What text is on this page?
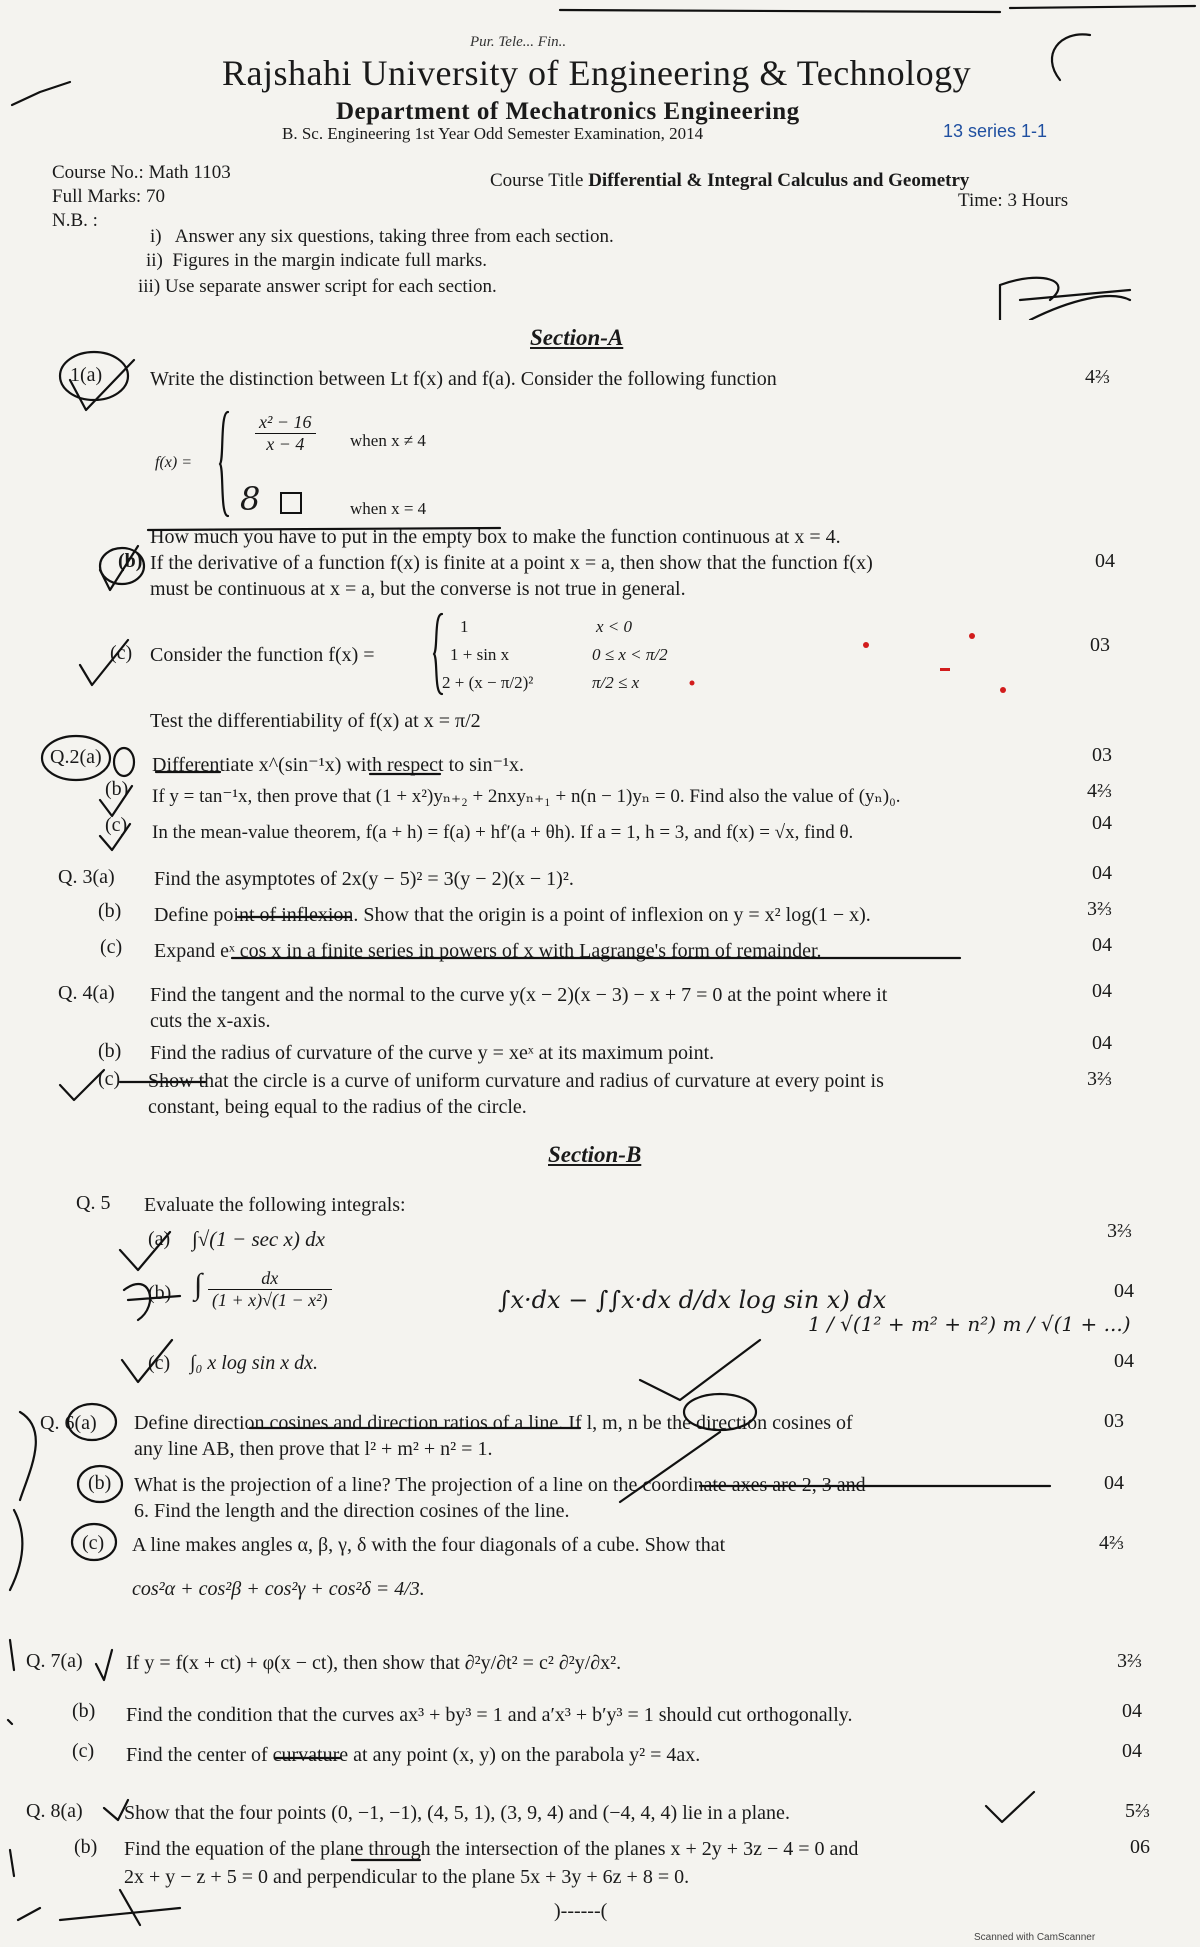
Pur. Tele... Fin..
Rajshahi University of Engineering & Technology
Department of Mechatronics Engineering
B. Sc. Engineering 1st Year Odd Semester Examination, 2014	13 series 1-1
Course No.: Math 1103
Full Marks: 70
N.B. :
Course Title Differential & Integral Calculus and Geometry
Time: 3 Hours
i)   Answer any six questions, taking three from each section.
ii)  Figures in the margin indicate full marks.
iii) Use separate answer script for each section.
Section-A
1(a) Write the distinction between Lt f(x) and f(a). Consider the following function	4⅔
f(x) =
$\frac{\text{x² − 16}}{x - 4}$ when x ≠ 4
8	when x = 4
How much you have to put in the empty box to make the function continuous at x = 4.
(b) If the derivative of a function f(x) is finite at a point x = a, then show that the function f(x)
must be continuous at x = a, but the converse is not true in general.
04
(c) Consider the function f(x) =
1	x < 0
1 + sin x	0 ≤ x < π/2
2 + (x − π/2)²	π/2 ≤ x
Test the differentiability of f(x) at x = π/2
03
Q.2(a)	Differentiate x^(sin⁻¹x) with respect to sin⁻¹x.	03
(b) If y = tan⁻¹x, then prove that (1 + x²)yₙ₊₂ + 2nxyₙ₊₁ + n(n − 1)yₙ = 0. Find also the value of (yₙ)₀.	4⅔
(c) In the mean-value theorem, f(a + h) = f(a) + hf′(a + θh). If a = 1, h = 3, and f(x) = √x, find θ.	04
Q. 3(a) Find the asymptotes of 2x(y − 5)² = 3(y − 2)(x − 1)².	04
(b) Define point of inflexion. Show that the origin is a point of inflexion on y = x² log(1 − x).	3⅔
(c) Expand eˣ cos x in a finite series in powers of x with Lagrange's form of remainder.	04
Q. 4(a) Find the tangent and the normal to the curve y(x − 2)(x − 3) − x + 7 = 0 at the point where it
cuts the x-axis.
04
(b) Find the radius of curvature of the curve y = xeˣ at its maximum point.	04
(c) Show that the circle is a curve of uniform curvature and radius of curvature at every point is
constant, being equal to the radius of the circle.
3⅔
Section-B
Q. 5 Evaluate the following integrals:
(a) ∫√(1 − sec x) dx	3⅔
(b) ∫ $\frac{dx}{\text{(1 + x)√(1 − x²)}}$	04
(c) ∫₀ x log sin x dx.	04
∫x·dx − ∫∫x·dx d/dx log sin x) dx
1 / √(1² + m² + n²) m / √(1 + ...)
Q. 6(a) Define direction cosines and direction ratios of a line. If l, m, n be the direction cosines of
any line AB, then prove that l² + m² + n² = 1.
03
(b) What is the projection of a line? The projection of a line on the coordinate axes are 2, 3 and
6. Find the length and the direction cosines of the line.
04
(c) A line makes angles α, β, γ, δ with the four diagonals of a cube. Show that
cos²α + cos²β + cos²γ + cos²δ = 4/3.
4⅔
Q. 7(a) If y = f(x + ct) + φ(x − ct), then show that ∂²y/∂t² = c² ∂²y/∂x².	3⅔
(b) Find the condition that the curves ax³ + by³ = 1 and a′x³ + b′y³ = 1 should cut orthogonally.	04
(c) Find the center of curvature at any point (x, y) on the parabola y² = 4ax.	04
Q. 8(a) Show that the four points (0, −1, −1), (4, 5, 1), (3, 9, 4) and (−4, 4, 4) lie in a plane.	5⅔
(b) Find the equation of the plane through the intersection of the planes x + 2y + 3z − 4 = 0 and
2x + y − z + 5 = 0 and perpendicular to the plane 5x + 3y + 6z + 8 = 0.
06
)------(
Scanned with CamScanner
